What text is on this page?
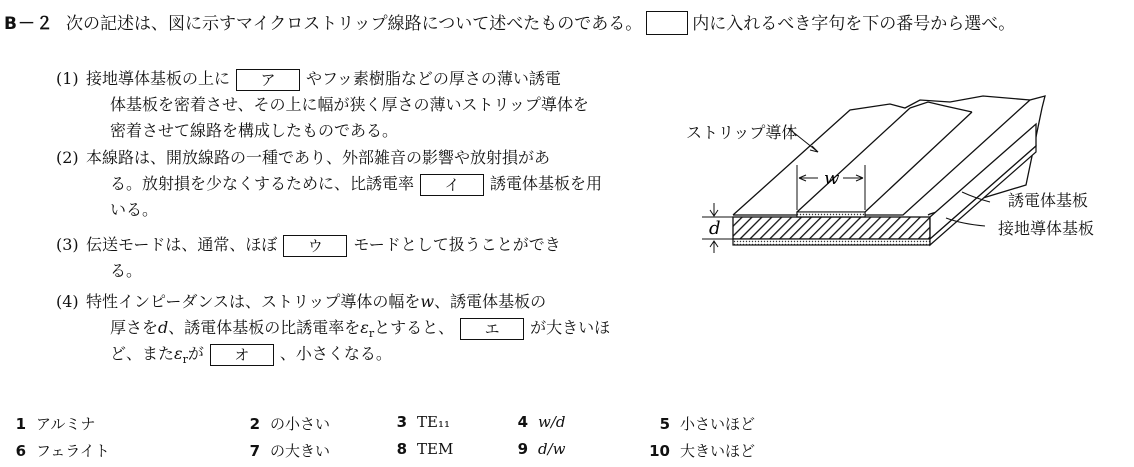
B－２ 次の記述は、図に示すマイクロストリップ線路について述べたものである。	内に入れるべき字句を下の番号から選べ。
(1) 接地導体基板の上に ア やフッ素樹脂などの厚さの薄い誘電
体基板を密着させ、その上に幅が狭く厚さの薄いストリップ導体を
密着させて線路を構成したものである。
(2) 本線路は、開放線路の一種であり、外部雑音の影響や放射損があ
る。放射損を少なくするために、比誘電率 イ 誘電体基板を用
いる。
(3) 伝送モードは、通常、ほぼ ウ モードとして扱うことができ
る。
(4) 特性インピーダンスは、ストリップ導体の幅をw、誘電体基板の
厚さをd、誘電体基板の比誘電率を$\varepsilon_r$とすると、 エ が大きいほ
ど、また$\varepsilon_r$が オ 、小さくなる。
1 アルミナ	2 の小さい	3 TE₁₁	4 w/d	5 小さいほど
6 フェライト	7 の大きい	8 TEM	9 d/w	10 大きいほど
w
d
ストリップ導体
誘電体基板
接地導体基板
